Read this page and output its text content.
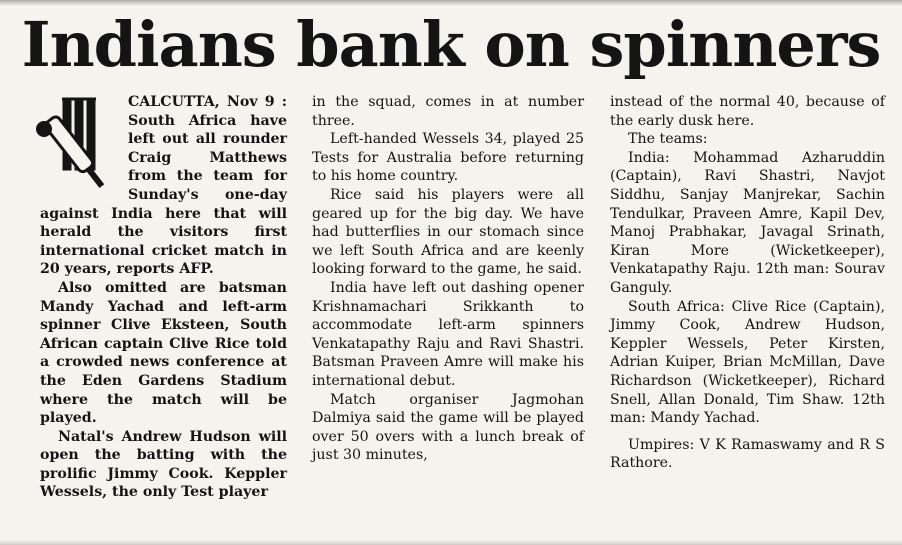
Indians bank on spinners

CALCUTTA, Nov 9 : South Africa have left out all rounder Craig Matthews from the team for Sunday's one-day against India here that will herald the visitors first international cricket match in 20 years, reports AFP.

Also omitted are batsman Mandy Yachad and left-arm spinner Clive Eksteen, South African captain Clive Rice told a crowded news conference at the Eden Gardens Stadium where the match will be played.

Natal's Andrew Hudson will open the batting with the prolific Jimmy Cook. Keppler Wessels, the only Test player

in the squad, comes in at number three.

Left-handed Wessels 34, played 25 Tests for Australia before returning to his home country.

Rice said his players were all geared up for the big day. We have had butterflies in our stomach since we left South Africa and are keenly looking forward to the game, he said.

India have left out dashing opener Krishnamachari Srikkanth to accommodate left-arm spinners Venkatapathy Raju and Ravi Shastri. Batsman Praveen Amre will make his international debut.

Match organiser Jagmohan Dalmiya said the game will be played over 50 overs with a lunch break of just 30 minutes,

instead of the normal 40, because of the early dusk here.

The teams:

India: Mohammad Azharuddin (Captain), Ravi Shastri, Navjot Siddhu, Sanjay Manjrekar, Sachin Tendulkar, Praveen Amre, Kapil Dev, Manoj Prabhakar, Javagal Srinath, Kiran More (Wicketkeeper), Venkatapathy Raju. 12th man: Sourav Ganguly.

South Africa: Clive Rice (Captain), Jimmy Cook, Andrew Hudson, Keppler Wessels, Peter Kirsten, Adrian Kuiper, Brian McMillan, Dave Richardson (Wicketkeeper), Richard Snell, Allan Donald, Tim Shaw. 12th man: Mandy Yachad.

Umpires: V K Ramaswamy and R S Rathore.
